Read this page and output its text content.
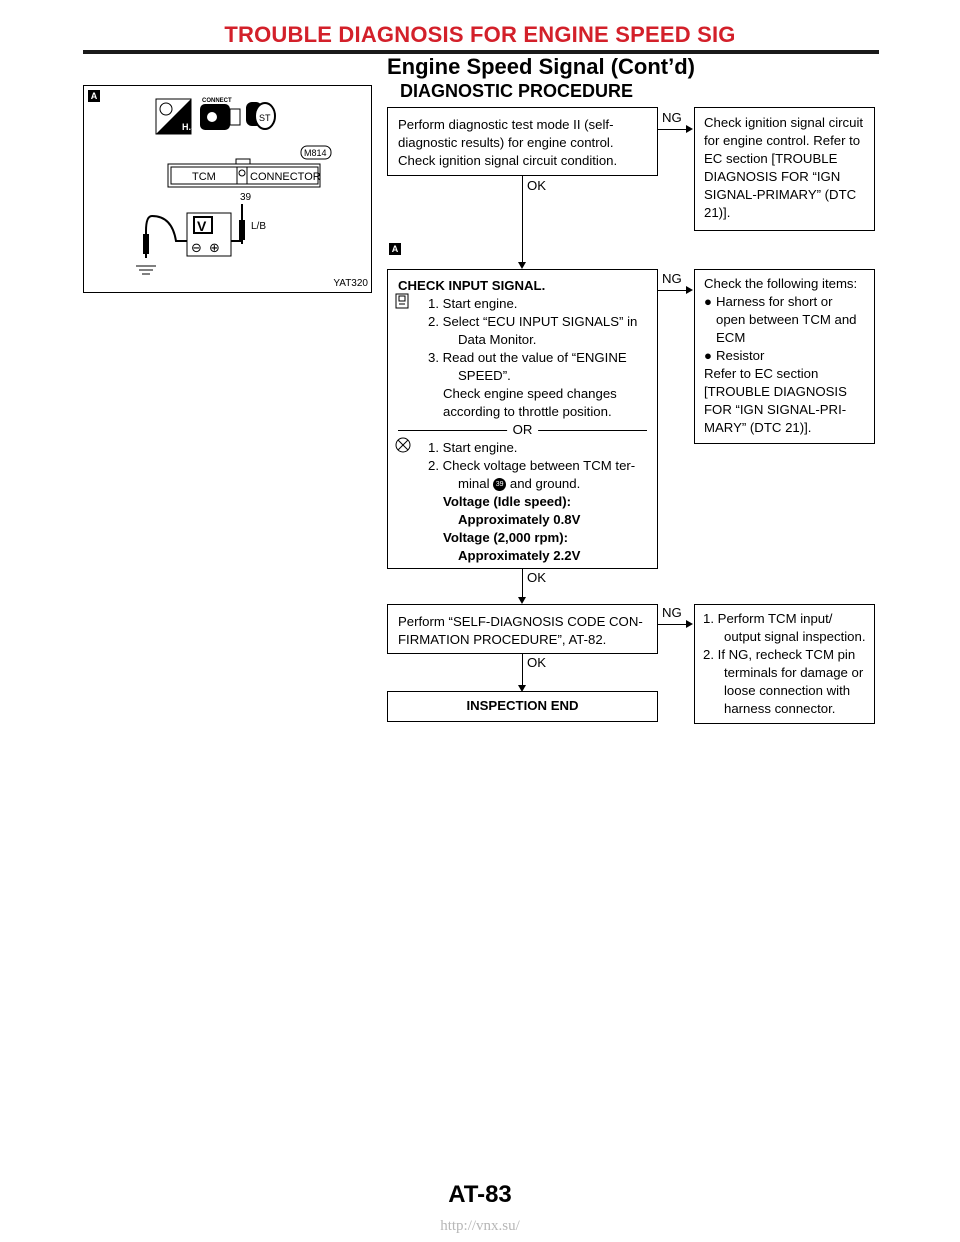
TROUBLE DIAGNOSIS FOR ENGINE SPEED SIG
Engine Speed Signal (Cont’d)
DIAGNOSTIC PROCEDURE
A
H.S.
CONNECT
ST
M814
TCM	CONNECTOR
39
L/B
V
⊖ ⊕
YAT320

Perform diagnostic test mode II (self-

diagnostic results) for engine control.

Check ignition signal circuit condition.

NG Check ignition signal circuit

for engine control. Refer to

EC section [TROUBLE

DIAGNOSIS FOR “IGN

SIGNAL-PRIMARY” (DTC

21)].

OK
A

CHECK INPUT SIGNAL.

1. Start engine.

2. Select “ECU INPUT SIGNALS” in

Data Monitor.

3. Read out the value of “ENGINE

SPEED”.

Check engine speed changes

according to throttle position.

OR

1. Start engine.

2. Check voltage between TCM ter-

minal 39 and ground.

Voltage (Idle speed):

Approximately 0.8V

Voltage (2,000 rpm):

Approximately 2.2V

NG Check the following items:

● Harness for short or

open between TCM and

ECM

● Resistor

Refer to EC section

[TROUBLE DIAGNOSIS

FOR “IGN SIGNAL-PRI-

MARY” (DTC 21)].

OK

Perform “SELF-DIAGNOSIS CODE CON-

FIRMATION PROCEDURE”, AT-82.

NG 1. Perform TCM input/

output signal inspection.

2. If NG, recheck TCM pin

terminals for damage or

loose connection with

harness connector.

OK
INSPECTION END
AT-83
http://vnx.su/
